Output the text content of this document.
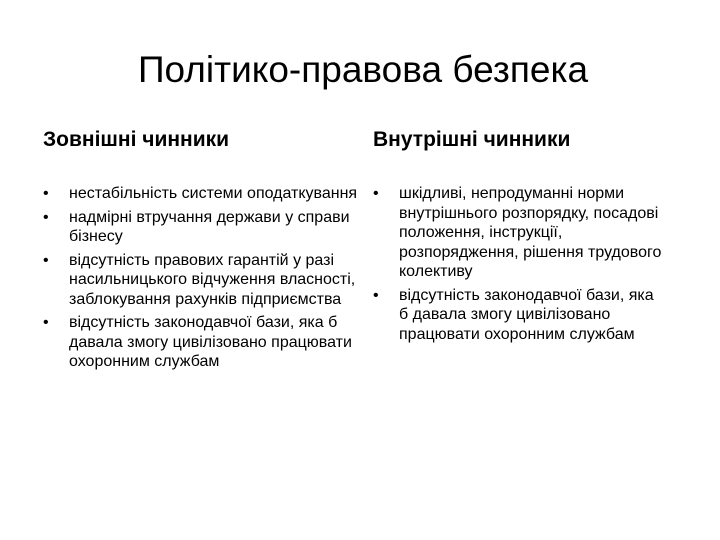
Політико-правова безпека
Зовнішні чинники
•	нестабільність системи оподаткування
•	надмірні втручання держави у справи бізнесу
•	відсутність правових гарантій у разі насильницького відчуження власності, заблокування рахунків підприємства
•	відсутність законодавчої бази, яка б давала змогу цивілізовано працювати охоронним службам
Внутрішні чинники
•	шкідливі, непродуманні норми внутрішнього розпорядку, посадові положення, інструкції, розпорядження, рішення трудового колективу
•	відсутність законодавчої бази, яка б давала змогу цивілізовано працювати охоронним службам
